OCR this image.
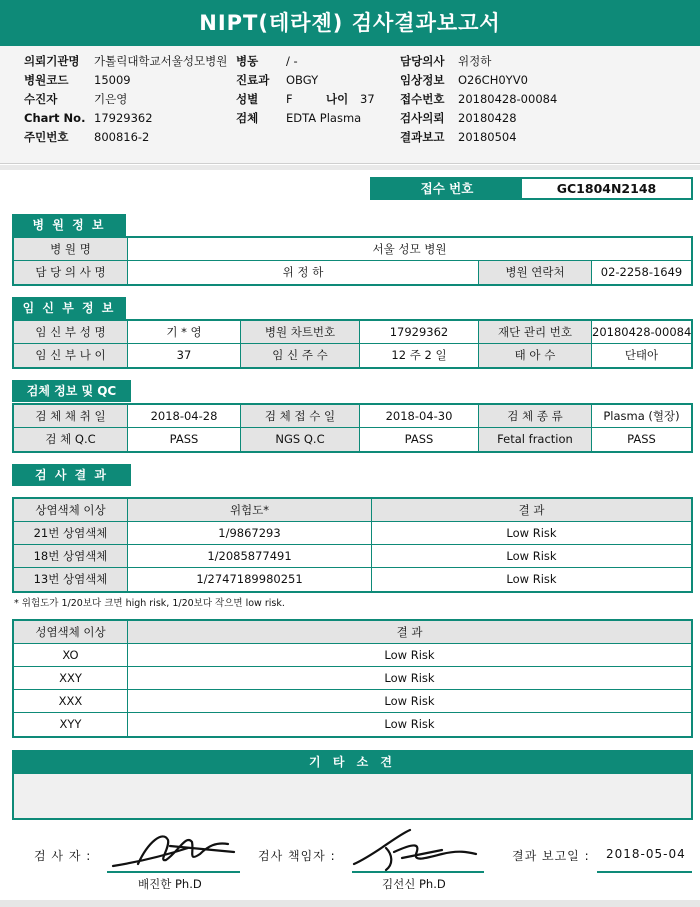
NIPT(테라젠) 검사결과보고서
의뢰기관명 가톨릭대학교서울성모병원 병동 / -	담당의사 위정하
병원코드 15009	진료과 OBGY	임상정보 O26CH0YV0
수진자	기은영	성별 F	나이 37 접수번호 20180428-00084
Chart No. 17929362	검체 EDTA Plasma	검사의뢰 20180428
주민번호 800816-2	결과보고 20180504
접수 번호	GC1804N2148
병 원 정 보
병 원 명	서울 성모 병원
담 당 의 사 명	위 정 하	병원 연락처	02-2258-1649
임 신 부 정 보
임 신 부 성 명	기 * 영	병원 차트번호	17929362	재단 관리 번호	20180428-00084
임 신 부 나 이	37	임 신 주 수	12 주 2 일	태 아 수	단태아
검체 정보 및 QC
검 체 채 취 일	2018-04-28	검 체 접 수 일	2018-04-30	검 체 종 류	Plasma (혈장)
검 체 Q.C	PASS	NGS Q.C	PASS	Fetal fraction	PASS
검 사 결 과
상염색체 이상	위험도*	결 과
21번 상염색체	1/9867293	Low Risk
18번 상염색체	1/2085877491	Low Risk
13번 상염색체	1/2747189980251	Low Risk
* 위험도가 1/20보다 크면 high risk, 1/20보다 작으면 low risk.
성염색체 이상	결 과
XO	Low Risk
XXY	Low Risk
XXX	Low Risk
XYY	Low Risk
기 타 소 견
검 사 자 :
배진한 Ph.D
검사 책임자 :
김선신 Ph.D
결과 보고일 : 2018-05-04
